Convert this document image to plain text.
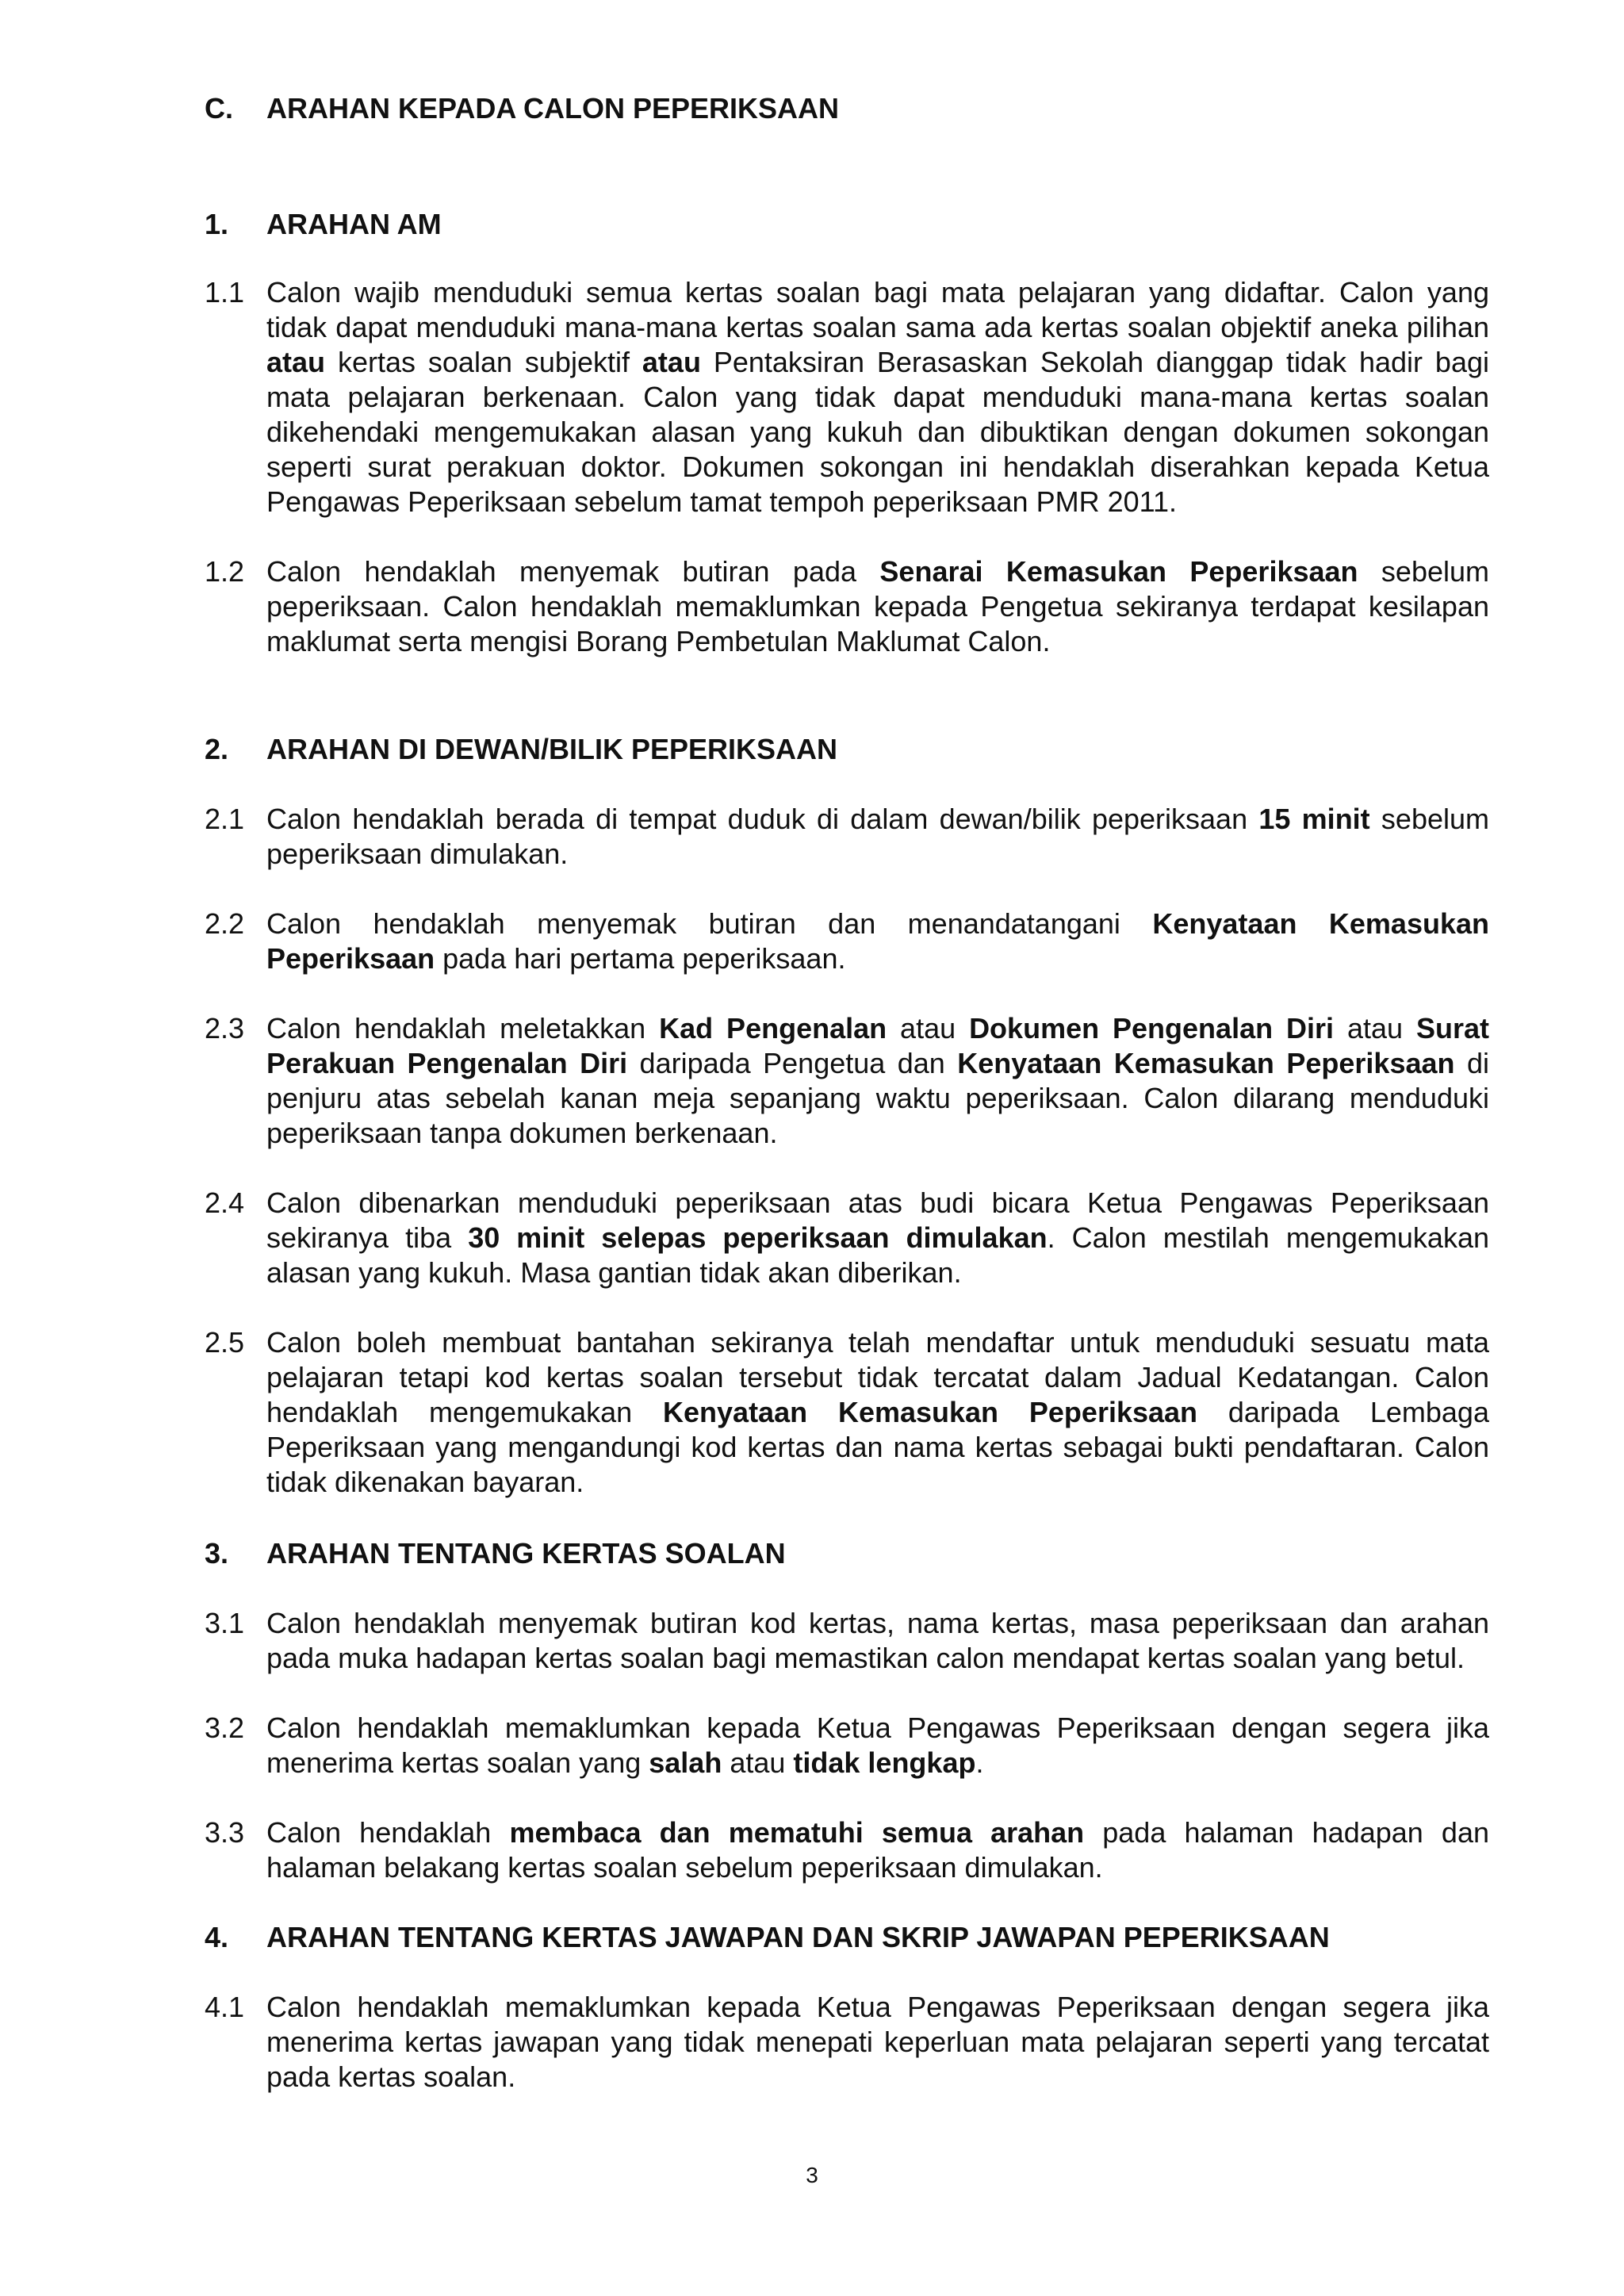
C.	ARAHAN KEPADA CALON PEPERIKSAAN
1.	ARAHAN AM
1.1 Calon wajib menduduki semua kertas soalan bagi mata pelajaran yang didaftar. Calon yang tidak dapat menduduki mana-mana kertas soalan sama ada kertas soalan objektif aneka pilihan atau kertas soalan subjektif atau Pentaksiran Berasaskan Sekolah dianggap tidak hadir bagi mata pelajaran berkenaan. Calon yang tidak dapat menduduki mana-mana kertas soalan dikehendaki mengemukakan alasan yang kukuh dan dibuktikan dengan dokumen sokongan seperti surat perakuan doktor. Dokumen sokongan ini hendaklah diserahkan kepada Ketua Pengawas Peperiksaan sebelum tamat tempoh peperiksaan PMR 2011.
1.2 Calon hendaklah menyemak butiran pada Senarai Kemasukan Peperiksaan sebelum peperiksaan. Calon hendaklah memaklumkan kepada Pengetua sekiranya terdapat kesilapan maklumat serta mengisi Borang Pembetulan Maklumat Calon.
2.	ARAHAN DI DEWAN/BILIK PEPERIKSAAN
2.1 Calon hendaklah berada di tempat duduk di dalam dewan/bilik peperiksaan 15 minit sebelum peperiksaan dimulakan.
2.2 Calon hendaklah menyemak butiran dan menandatangani Kenyataan Kemasukan Peperiksaan pada hari pertama peperiksaan.
2.3 Calon hendaklah meletakkan Kad Pengenalan atau Dokumen Pengenalan Diri atau Surat Perakuan Pengenalan Diri daripada Pengetua dan Kenyataan Kemasukan Peperiksaan di penjuru atas sebelah kanan meja sepanjang waktu peperiksaan. Calon dilarang menduduki peperiksaan tanpa dokumen berkenaan.
2.4 Calon dibenarkan menduduki peperiksaan atas budi bicara Ketua Pengawas Peperiksaan sekiranya tiba 30 minit selepas peperiksaan dimulakan. Calon mestilah mengemukakan alasan yang kukuh. Masa gantian tidak akan diberikan.
2.5 Calon boleh membuat bantahan sekiranya telah mendaftar untuk menduduki sesuatu mata pelajaran tetapi kod kertas soalan tersebut tidak tercatat dalam Jadual Kedatangan. Calon hendaklah mengemukakan Kenyataan Kemasukan Peperiksaan daripada Lembaga Peperiksaan yang mengandungi kod kertas dan nama kertas sebagai bukti pendaftaran. Calon tidak dikenakan bayaran.
3.	ARAHAN TENTANG KERTAS SOALAN
3.1 Calon hendaklah menyemak butiran kod kertas, nama kertas, masa peperiksaan dan arahan pada muka hadapan kertas soalan bagi memastikan calon mendapat kertas soalan yang betul.
3.2 Calon hendaklah memaklumkan kepada Ketua Pengawas Peperiksaan dengan segera jika menerima kertas soalan yang salah atau tidak lengkap.
3.3 Calon hendaklah membaca dan mematuhi semua arahan pada halaman hadapan dan halaman belakang kertas soalan sebelum peperiksaan dimulakan.
4.	ARAHAN TENTANG KERTAS JAWAPAN DAN SKRIP JAWAPAN PEPERIKSAAN
4.1 Calon hendaklah memaklumkan kepada Ketua Pengawas Peperiksaan dengan segera jika menerima kertas jawapan yang tidak menepati keperluan mata pelajaran seperti yang tercatat pada kertas soalan.
3
